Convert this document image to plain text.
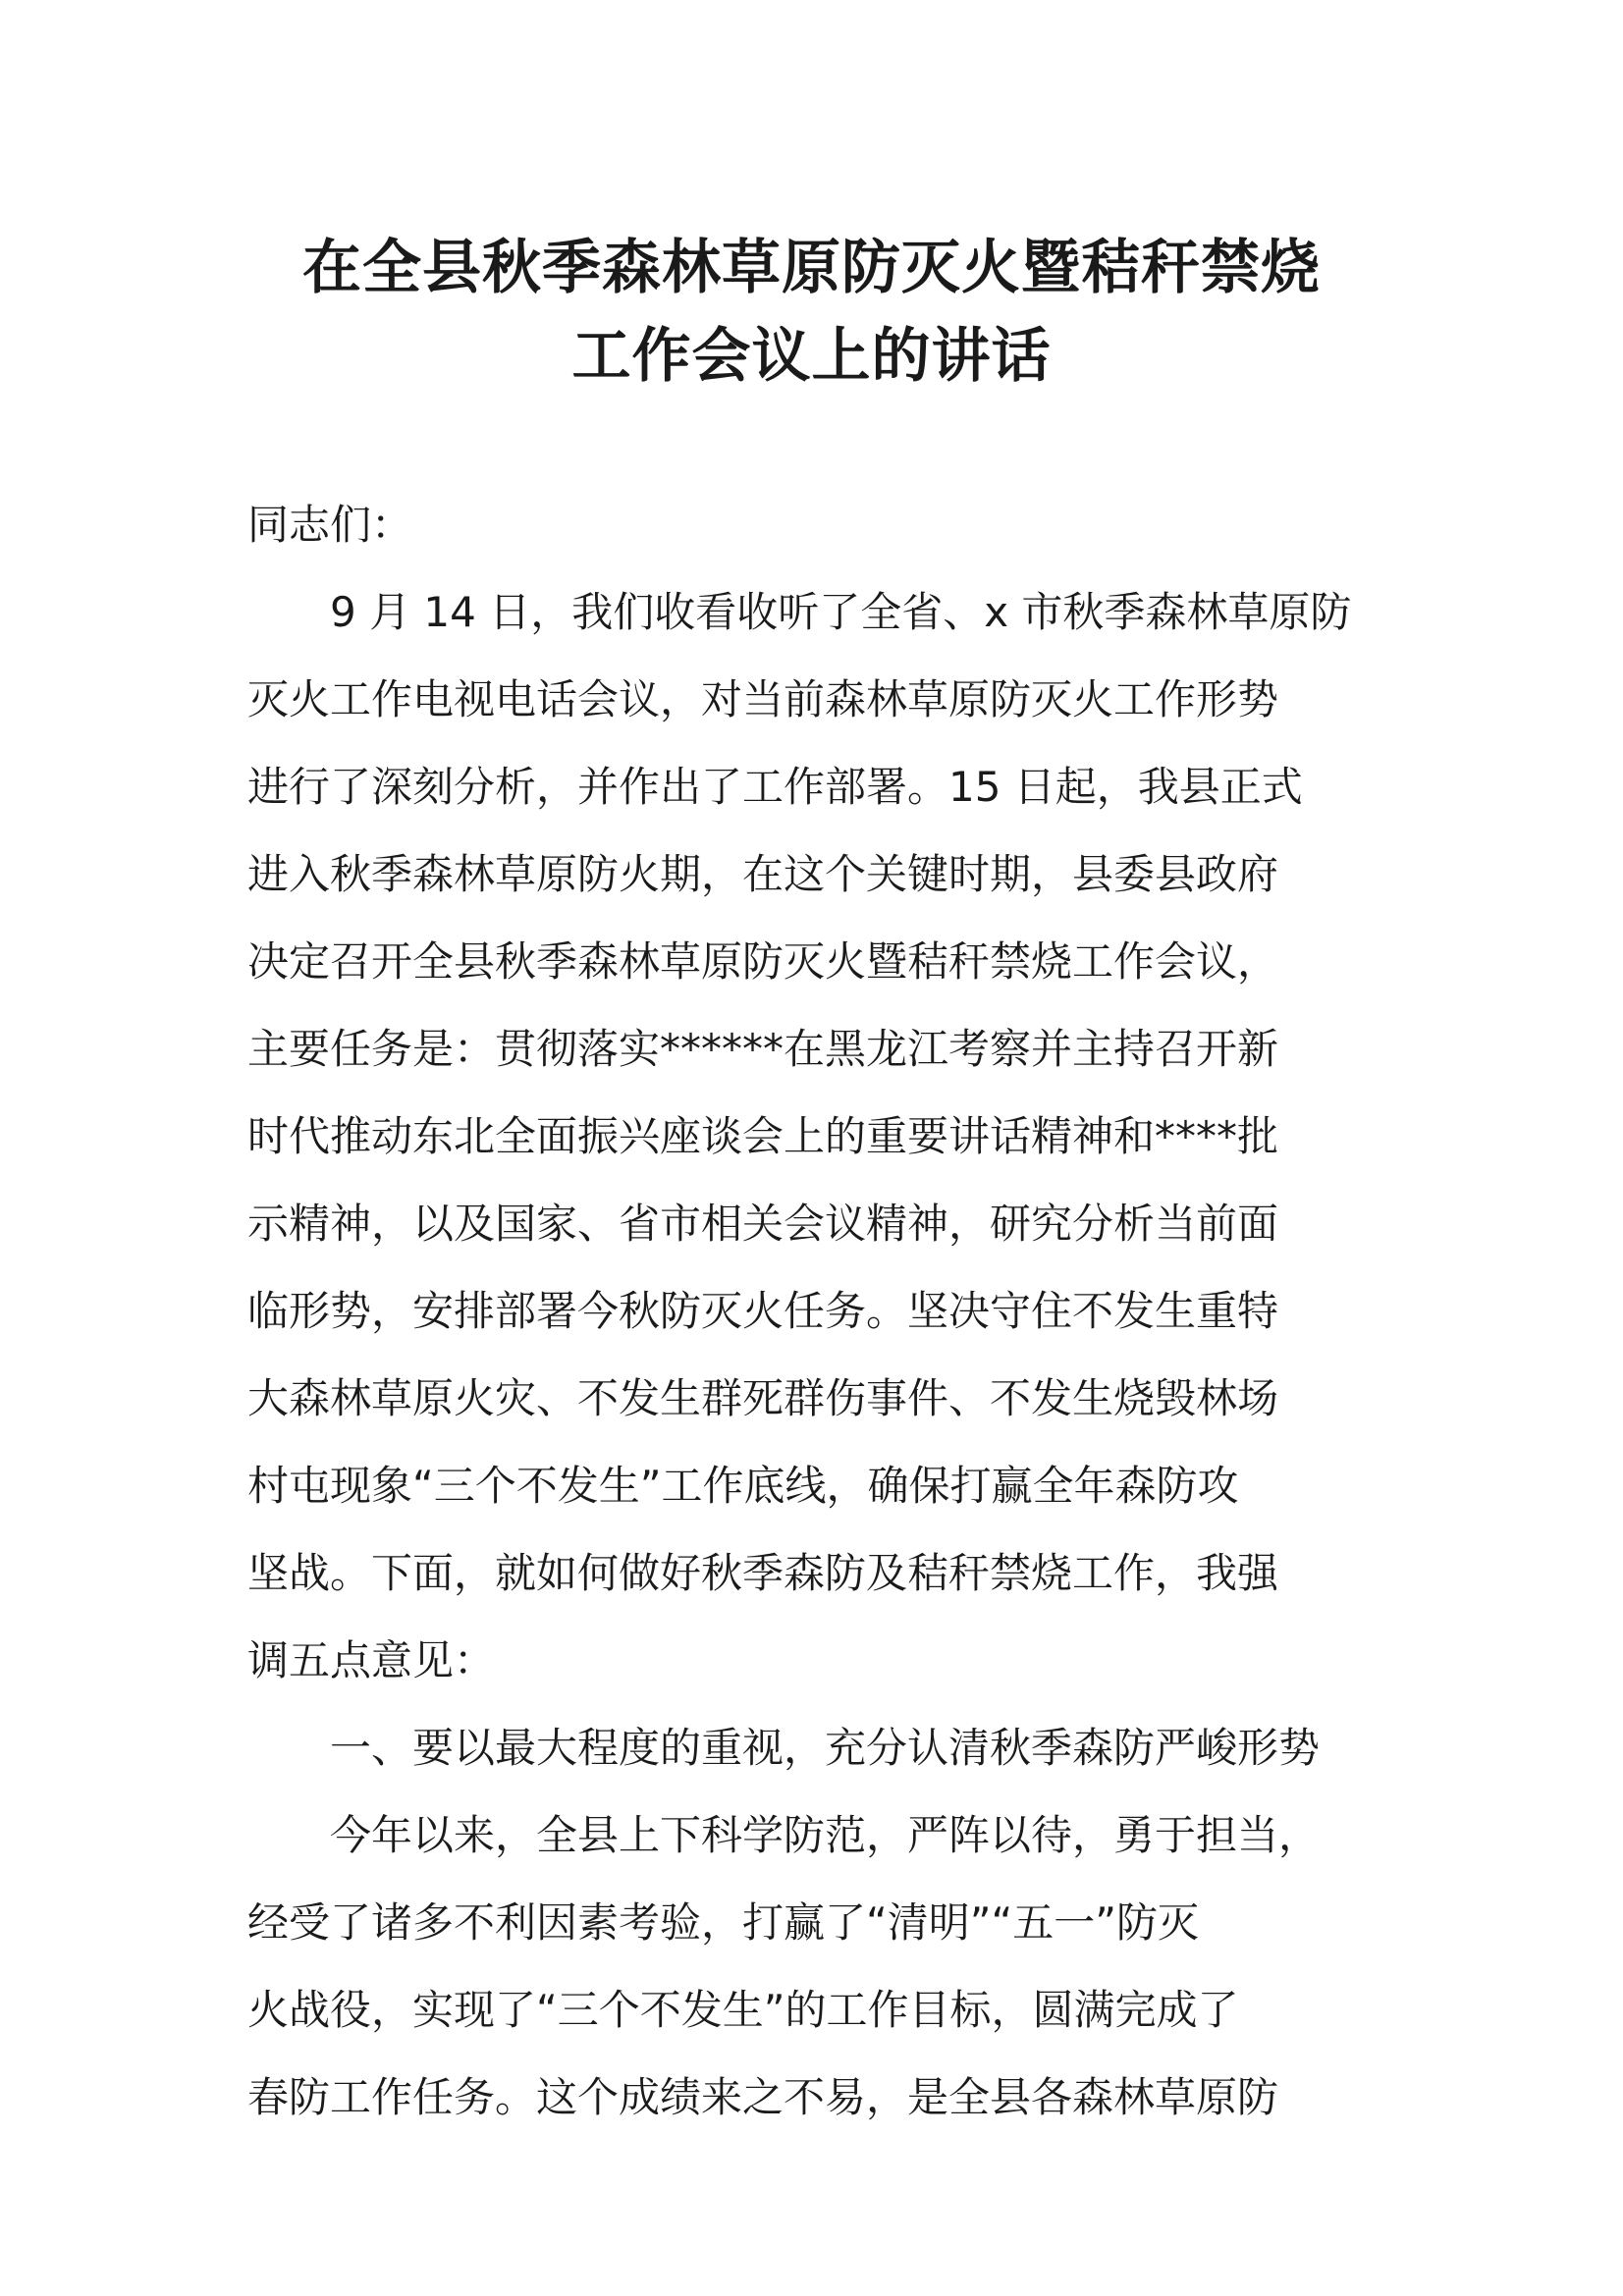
在全县秋季森林草原防灭火暨秸秆禁烧
工作会议上的讲话
同志们：
　　9 月 14 日，我们收看收听了全省、x 市秋季森林草原防
灭火工作电视电话会议，对当前森林草原防灭火工作形势
进行了深刻分析，并作出了工作部署。15 日起，我县正式
进入秋季森林草原防火期，在这个关键时期，县委县政府
决定召开全县秋季森林草原防灭火暨秸秆禁烧工作会议，
主要任务是：贯彻落实******在黑龙江考察并主持召开新
时代推动东北全面振兴座谈会上的重要讲话精神和****批
示精神，以及国家、省市相关会议精神，研究分析当前面
临形势，安排部署今秋防灭火任务。坚决守住不发生重特
大森林草原火灾、不发生群死群伤事件、不发生烧毁林场
村屯现象“三个不发生”工作底线，确保打赢全年森防攻
坚战。下面，就如何做好秋季森防及秸秆禁烧工作，我强
调五点意见：
　　一、要以最大程度的重视，充分认清秋季森防严峻形势
　　今年以来，全县上下科学防范，严阵以待，勇于担当，
经受了诸多不利因素考验，打赢了“清明”“五一”防灭
火战役，实现了“三个不发生”的工作目标，圆满完成了
春防工作任务。这个成绩来之不易，是全县各森林草原防
